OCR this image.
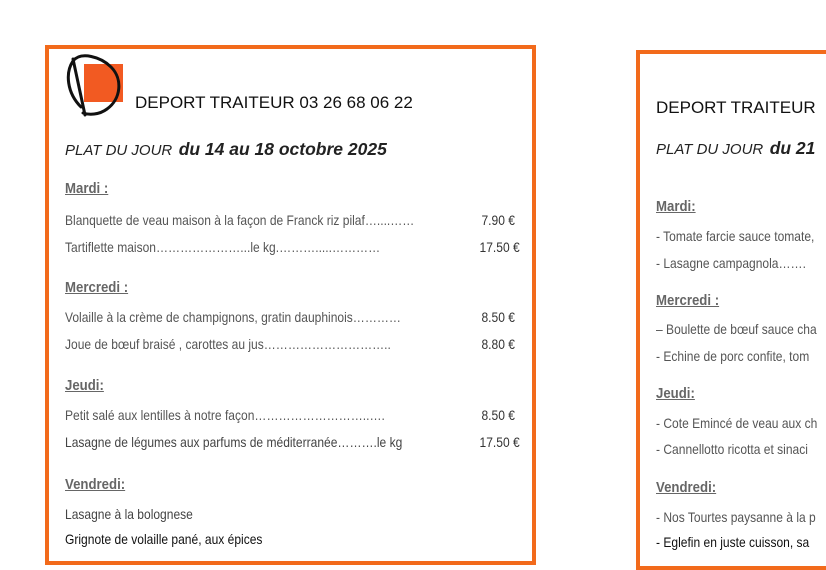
DEPORT TRAITEUR 03 26 68 06 22
PLAT DU JOUR du 14 au 18 octobre 2025
Mardi :
Blanquette de veau maison à la façon de Franck riz pilaf…....……	7.90 €
Tartiflette maison…………………...le kg.……….....…………	17.50 €
Mercredi :
Volaille à la crème de champignons, gratin dauphinois…………	8.50 €
Joue de bœuf braisé , carottes au jus…………………………..	8.80 €
Jeudi:
Petit salé aux lentilles à notre façon………………………..….	8.50 €
Lasagne de légumes aux parfums de méditerranée……….le kg	17.50 €
Vendredi:
Lasagne à la bolognese
Grignote de volaille pané, aux épices
DEPORT TRAITEUR
PLAT DU JOUR du 21
Mardi:
- Tomate farcie sauce tomate,
- Lasagne campagnola…….
Mercredi :
– Boulette de bœuf sauce cha
- Echine de porc confite, tom
Jeudi:
- Cote Emincé de veau aux ch
- Cannellotto ricotta et sinaci
Vendredi:
- Nos Tourtes paysanne à la p
- Eglefin en juste cuisson, sa
